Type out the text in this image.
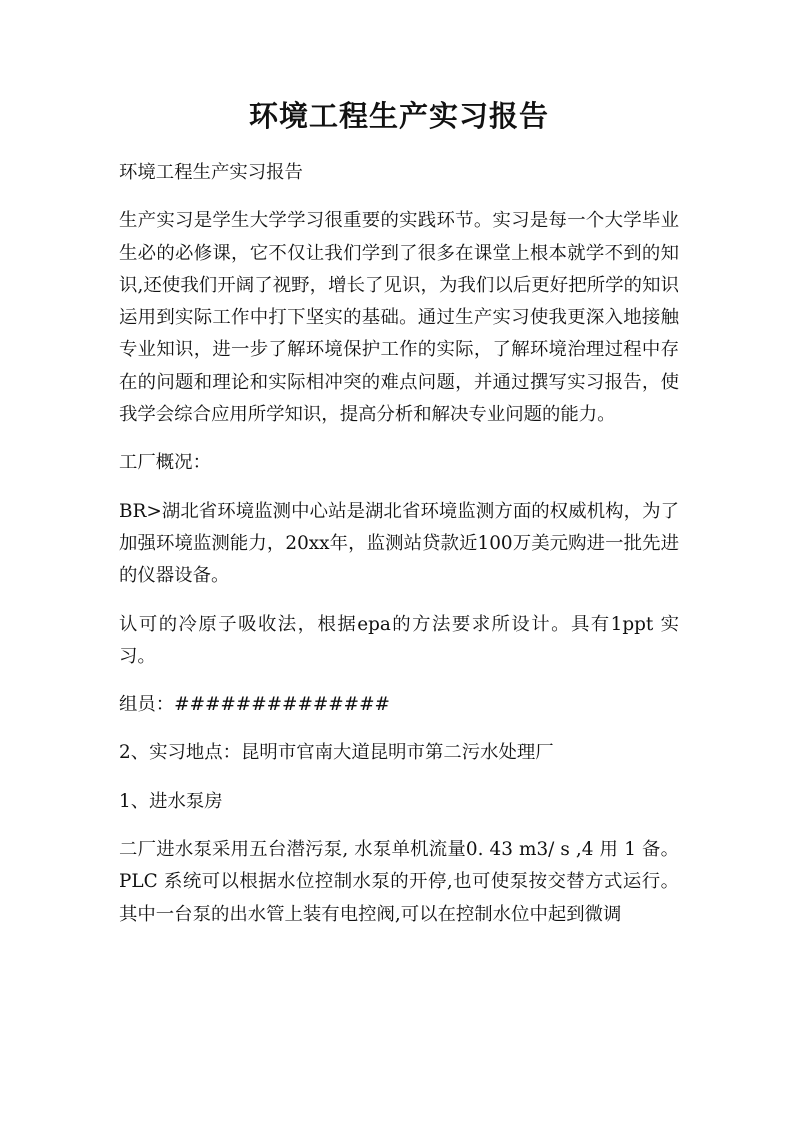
环境工程生产实习报告

环境工程生产实习报告

生产实习是学生大学学习很重要的实践环节。实习是每一个大学毕业生必的必修课，它不仅让我们学到了很多在课堂上根本就学不到的知识,还使我们开阔了视野，增长了见识，为我们以后更好把所学的知识运用到实际工作中打下坚实的基础。通过生产实习使我更深入地接触专业知识，进一步了解环境保护工作的实际，了解环境治理过程中存在的问题和理论和实际相冲突的难点问题，并通过撰写实习报告，使我学会综合应用所学知识，提高分析和解决专业问题的能力。

工厂概况：

BR>湖北省环境监测中心站是湖北省环境监测方面的权威机构，为了加强环境监测能力，20xx年，监测站贷款近100万美元购进一批先进的仪器设备。

认可的冷原子吸收法，根据epa的方法要求所设计。具有1ppt 实习。

组员：##############

2、实习地点：昆明市官南大道昆明市第二污水处理厂

1、进水泵房

二厂进水泵采用五台潜污泵, 水泵单机流量0. 43 m3/ s ,4 用 1 备。PLC 系统可以根据水位控制水泵的开停,也可使泵按交替方式运行。其中一台泵的出水管上装有电控阀,可以在控制水位中起到微调
